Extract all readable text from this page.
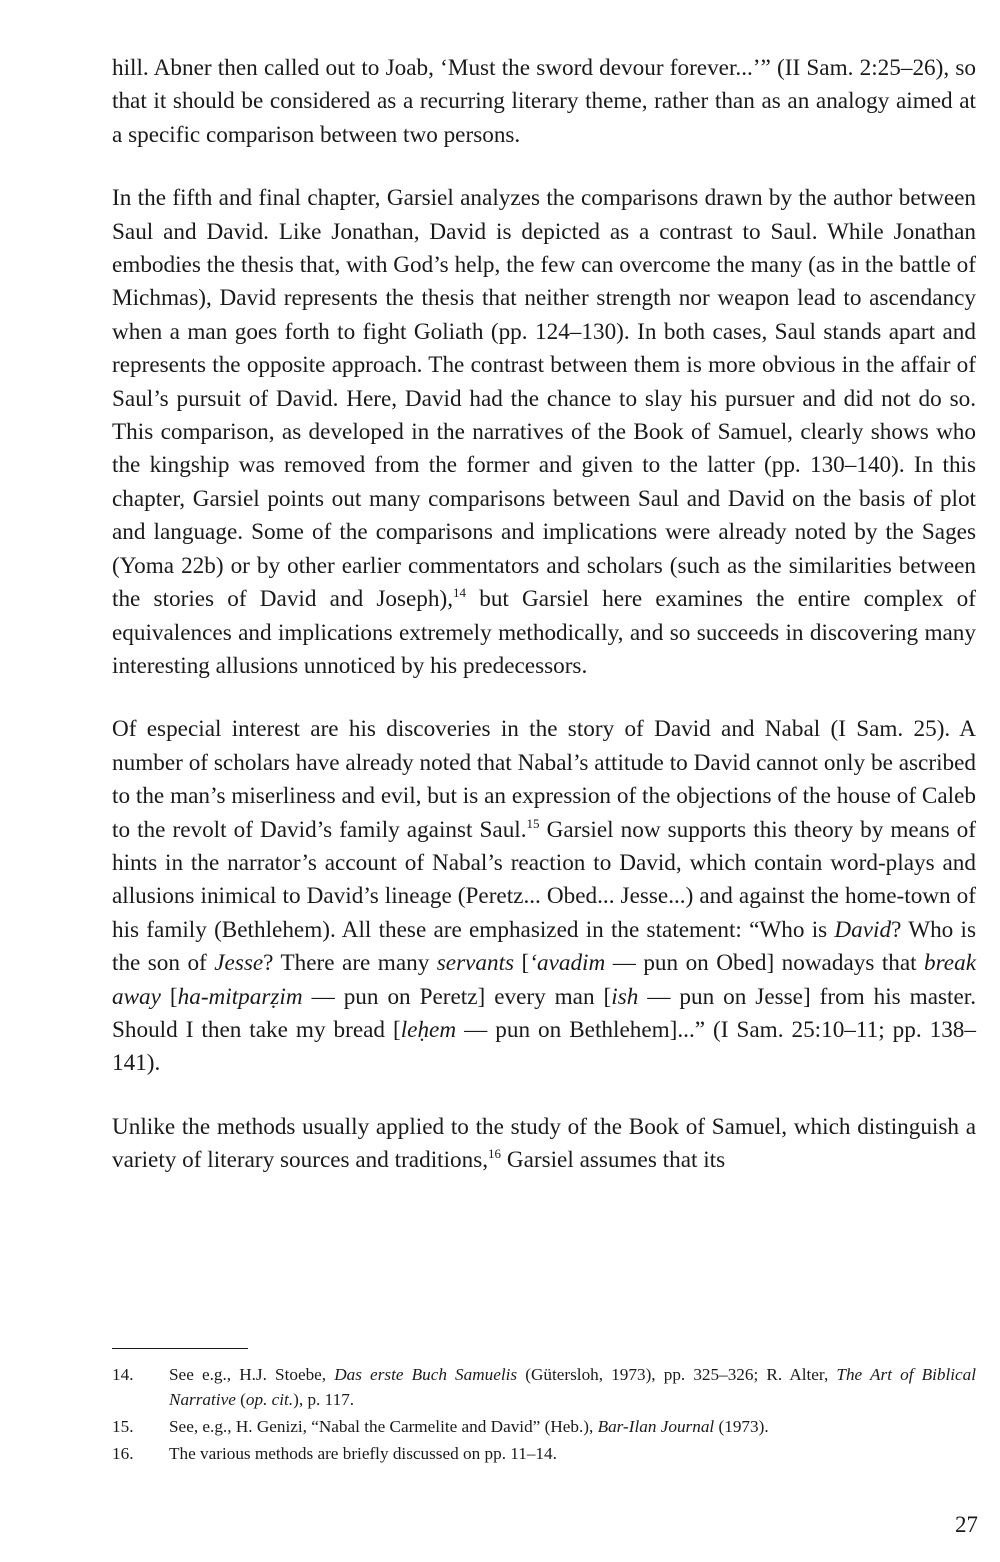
hill. Abner then called out to Joab, ‘Must the sword devour forever...’” (II Sam. 2:25–26), so that it should be considered as a recurring literary theme, rather than as an analogy aimed at a specific comparison between two persons.

In the fifth and final chapter, Garsiel analyzes the comparisons drawn by the author between Saul and David. Like Jonathan, David is depicted as a contrast to Saul. While Jonathan embodies the thesis that, with God’s help, the few can overcome the many (as in the battle of Michmas), David represents the thesis that neither strength nor weapon lead to ascendancy when a man goes forth to fight Goliath (pp. 124–130). In both cases, Saul stands apart and represents the opposite approach. The contrast between them is more obvious in the affair of Saul’s pursuit of David. Here, David had the chance to slay his pursuer and did not do so. This comparison, as developed in the narratives of the Book of Samuel, clearly shows who the kingship was removed from the former and given to the latter (pp. 130–140). In this chapter, Garsiel points out many comparisons between Saul and David on the basis of plot and language. Some of the comparisons and implications were already noted by the Sages (Yoma 22b) or by other earlier commentators and scholars (such as the similarities between the stories of David and Joseph),$^{14}$ but Garsiel here examines the entire complex of equivalences and implications extremely methodically, and so succeeds in discovering many interesting allusions unnoticed by his predecessors.

Of especial interest are his discoveries in the story of David and Nabal (I Sam. 25). A number of scholars have already noted that Nabal’s attitude to David cannot only be ascribed to the man’s miserliness and evil, but is an expression of the objections of the house of Caleb to the revolt of David’s family against Saul.$^{15}$ Garsiel now supports this theory by means of hints in the narrator’s account of Nabal’s reaction to David, which contain word-plays and allusions inimical to David’s lineage (Peretz... Obed... Jesse...) and against the home-town of his family (Bethlehem). All these are emphasized in the statement: “Who is David? Who is the son of Jesse? There are many servants [‘avadim — pun on Obed] nowadays that break away [ha-mitparẓim — pun on Peretz] every man [ish — pun on Jesse] from his master. Should I then take my bread [leḥem — pun on Bethlehem]...” (I Sam. 25:10–11; pp. 138–141).

Unlike the methods usually applied to the study of the Book of Samuel, which distinguish a variety of literary sources and traditions,$^{16}$ Garsiel assumes that its

14.	See e.g., H.J. Stoebe, Das erste Buch Samuelis (Gütersloh, 1973), pp. 325–326; R. Alter, The Art of Biblical Narrative (op. cit.), p. 117.
15.	See, e.g., H. Genizi, “Nabal the Carmelite and David” (Heb.), Bar-Ilan Journal (1973).
16.	The various methods are briefly discussed on pp. 11–14.
27
